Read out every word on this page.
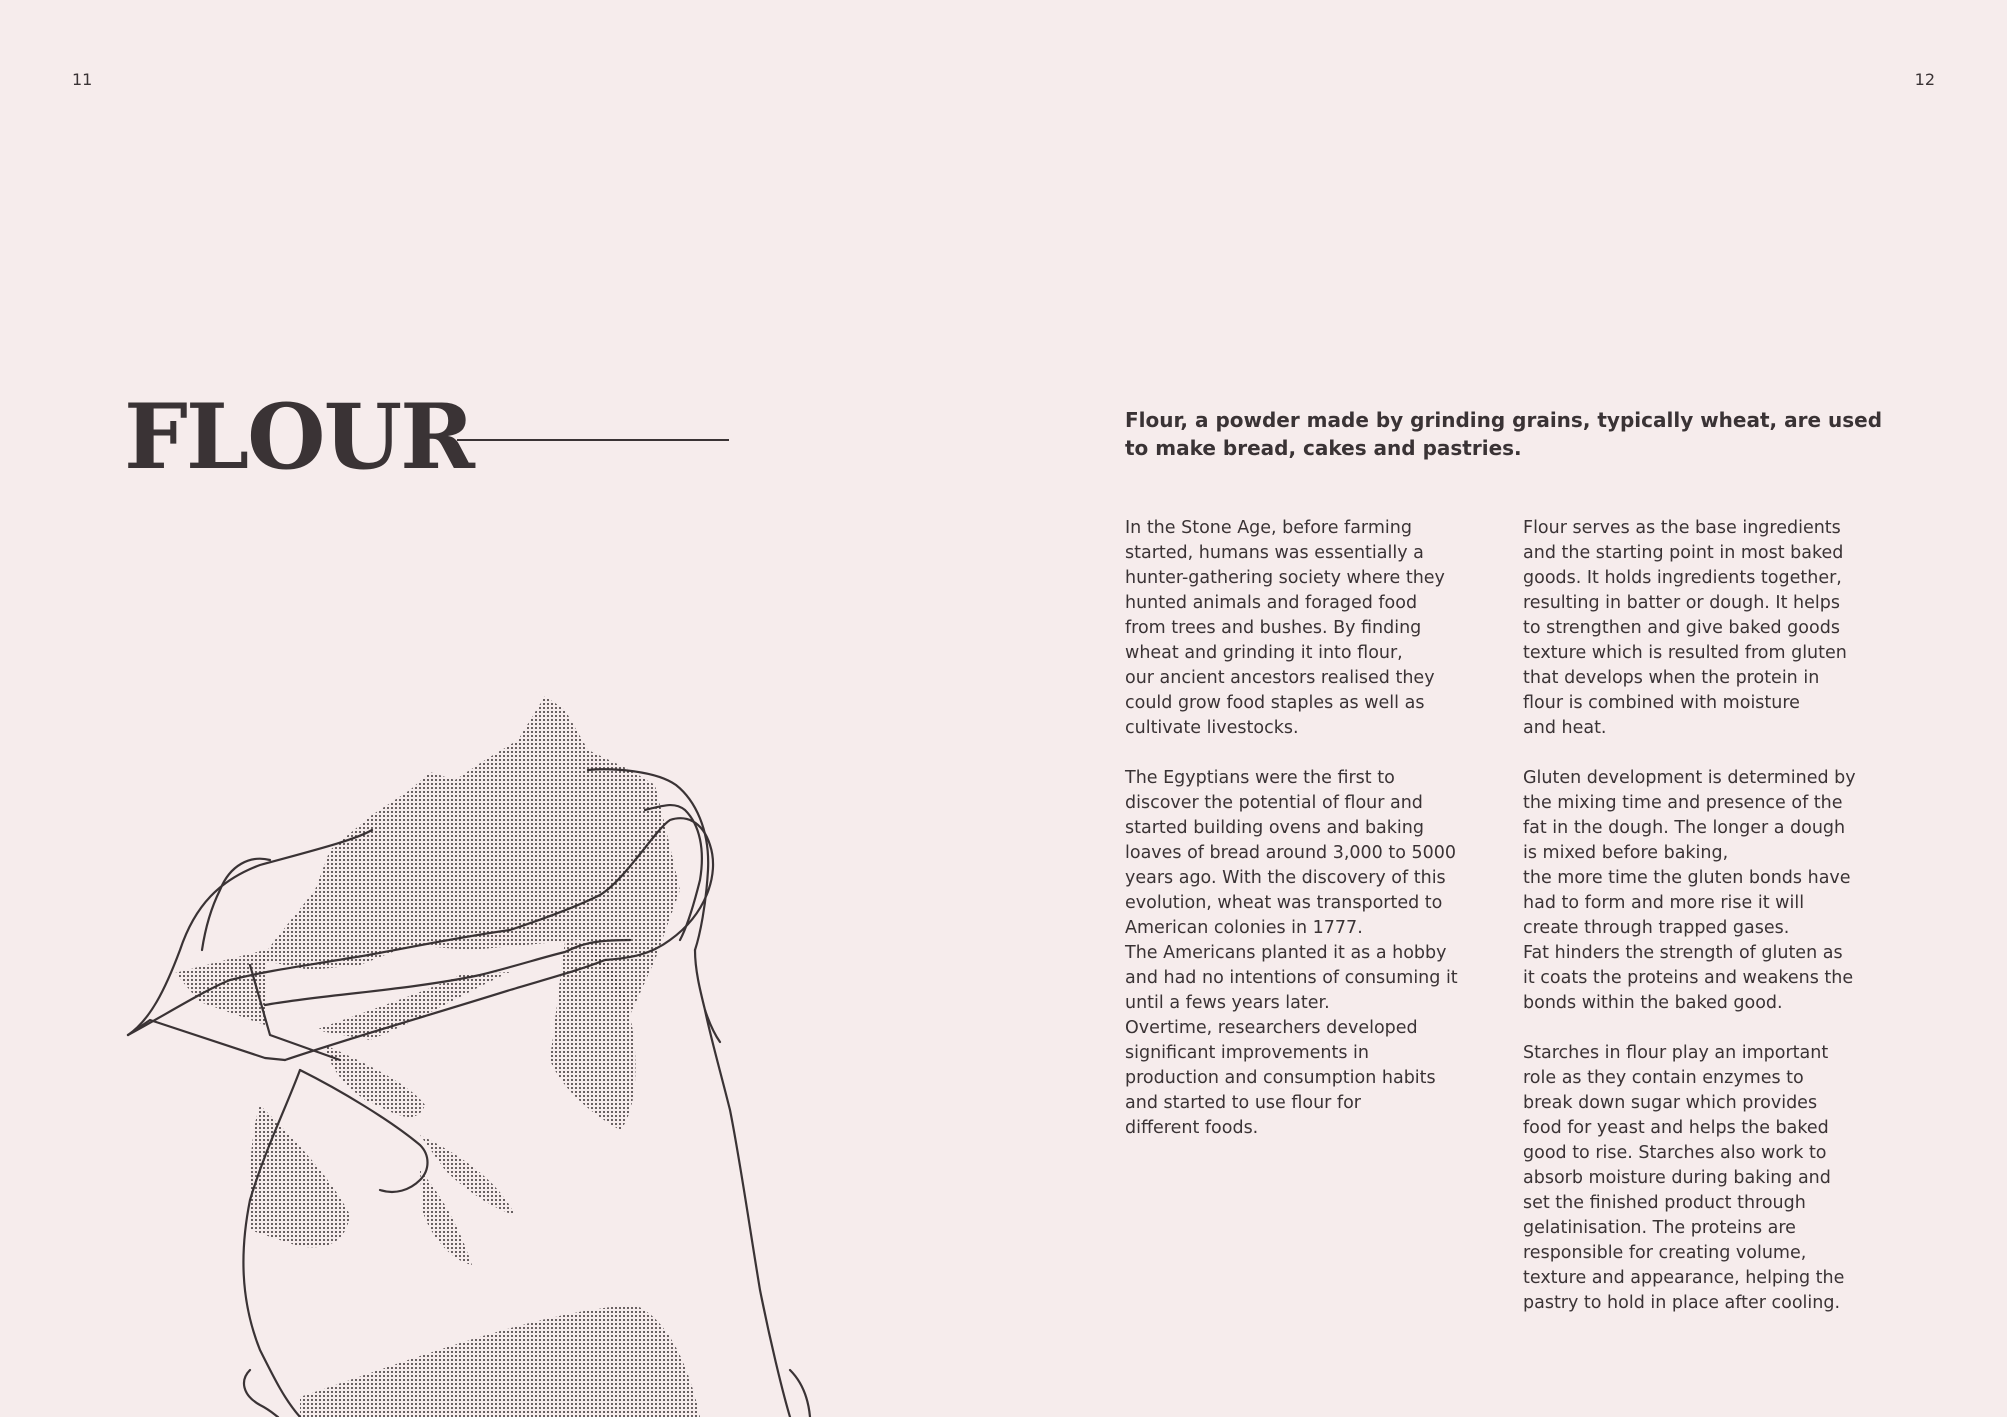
11	12
FLOUR	Flour, a powder made by grinding grains, typically wheat, are used to make bread, cakes and pastries.

In the Stone Age, before farming
started, humans was essentially a
hunter-gathering society where they
hunted animals and foraged food
from trees and bushes. By finding
wheat and grinding it into flour,
our ancient ancestors realised they
could grow food staples as well as
cultivate livestocks.

The Egyptians were the first to
discover the potential of flour and
started building ovens and baking
loaves of bread around 3,000 to 5000
years ago. With the discovery of this
evolution, wheat was transported to
American colonies in 1777.
The Americans planted it as a hobby
and had no intentions of consuming it
until a fews years later.
Overtime, researchers developed
significant improvements in
production and consumption habits
and started to use flour for
different foods.

Flour serves as the base ingredients
and the starting point in most baked
goods. It holds ingredients together,
resulting in batter or dough. It helps
to strengthen and give baked goods
texture which is resulted from gluten
that develops when the protein in
flour is combined with moisture
and heat.

Gluten development is determined by
the mixing time and presence of the
fat in the dough. The longer a dough
is mixed before baking,
the more time the gluten bonds have
had to form and more rise it will
create through trapped gases.
Fat hinders the strength of gluten as
it coats the proteins and weakens the
bonds within the baked good.

Starches in flour play an important
role as they contain enzymes to
break down sugar which provides
food for yeast and helps the baked
good to rise. Starches also work to
absorb moisture during baking and
set the finished product through
gelatinisation. The proteins are
responsible for creating volume,
texture and appearance, helping the
pastry to hold in place after cooling.
